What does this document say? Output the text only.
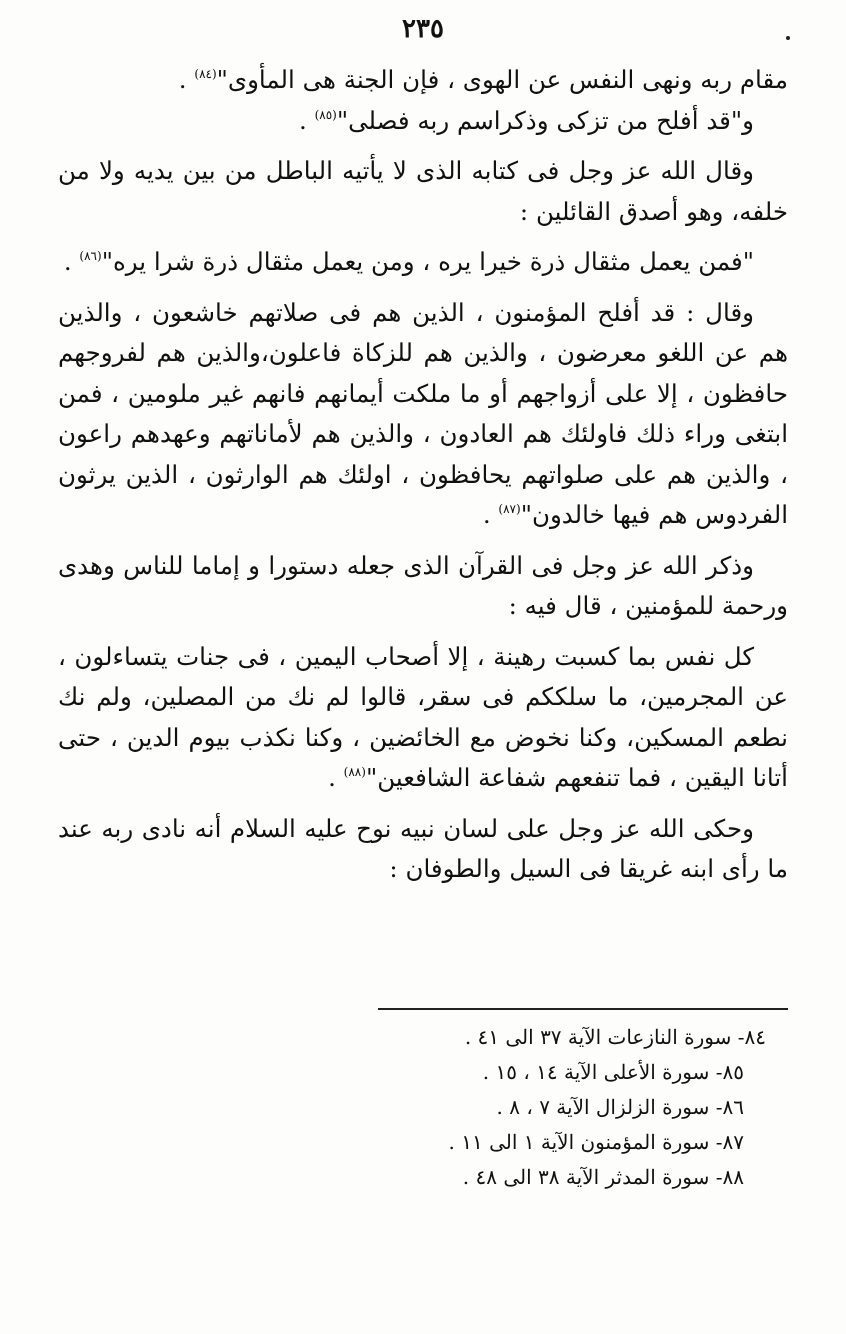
٢٣٥

مقام ربه ونهى النفس عن الهوى ، فإن الجنة هى المأوى"$^{(٨٤)}$ .

و"قد أفلح من تزكى وذكراسم ربه فصلى"$^{(٨٥)}$ .

وقال الله عز وجل فى كتابه الذى لا يأتيه الباطل من بين يديه ولا من خلفه، وهو أصدق القائلين :

"فمن يعمل مثقال ذرة خيرا يره ، ومن يعمل مثقال ذرة شرا يره"$^{(٨٦)}$ .

وقال : قد أفلح المؤمنون ، الذين هم فى صلاتهم خاشعون ، والذين هم عن اللغو معرضون ، والذين هم للزكاة فاعلون،والذين هم لفروجهم حافظون ، إلا على أزواجهم أو ما ملكت أيمانهم فانهم غير ملومين ، فمن ابتغى وراء ذلك فاولئك هم العادون ، والذين هم لأماناتهم وعهدهم راعون ، والذين هم على صلواتهم يحافظون ، اولئك هم الوارثون ، الذين يرثون الفردوس هم فيها خالدون"$^{(٨٧)}$ .

وذكر الله عز وجل فى القرآن الذى جعله دستورا و إماما للناس وهدى ورحمة للمؤمنين ، قال فيه :

كل نفس بما كسبت رهينة ، إلا أصحاب اليمين ، فى جنات يتساءلون ، عن المجرمين، ما سلككم فى سقر، قالوا لم نك من المصلين، ولم نك نطعم المسكين، وكنا نخوض مع الخائضين ، وكنا نكذب بيوم الدين ، حتى أتانا اليقين ، فما تنفعهم شفاعة الشافعين"$^{(٨٨)}$ .

وحكى الله عز وجل على لسان نبيه نوح عليه السلام أنه نادى ربه عند ما رأى ابنه غريقا فى السيل والطوفان :

٨٤- سورة النازعات الآية ٣٧ الى ٤١ .
٨٥- سورة الأعلى الآية ١٤ ، ١٥ .
٨٦- سورة الزلزال الآية ٧ ، ٨ .
٨٧- سورة المؤمنون الآية ١ الى ١١ .
٨٨- سورة المدثر الآية ٣٨ الى ٤٨ .
